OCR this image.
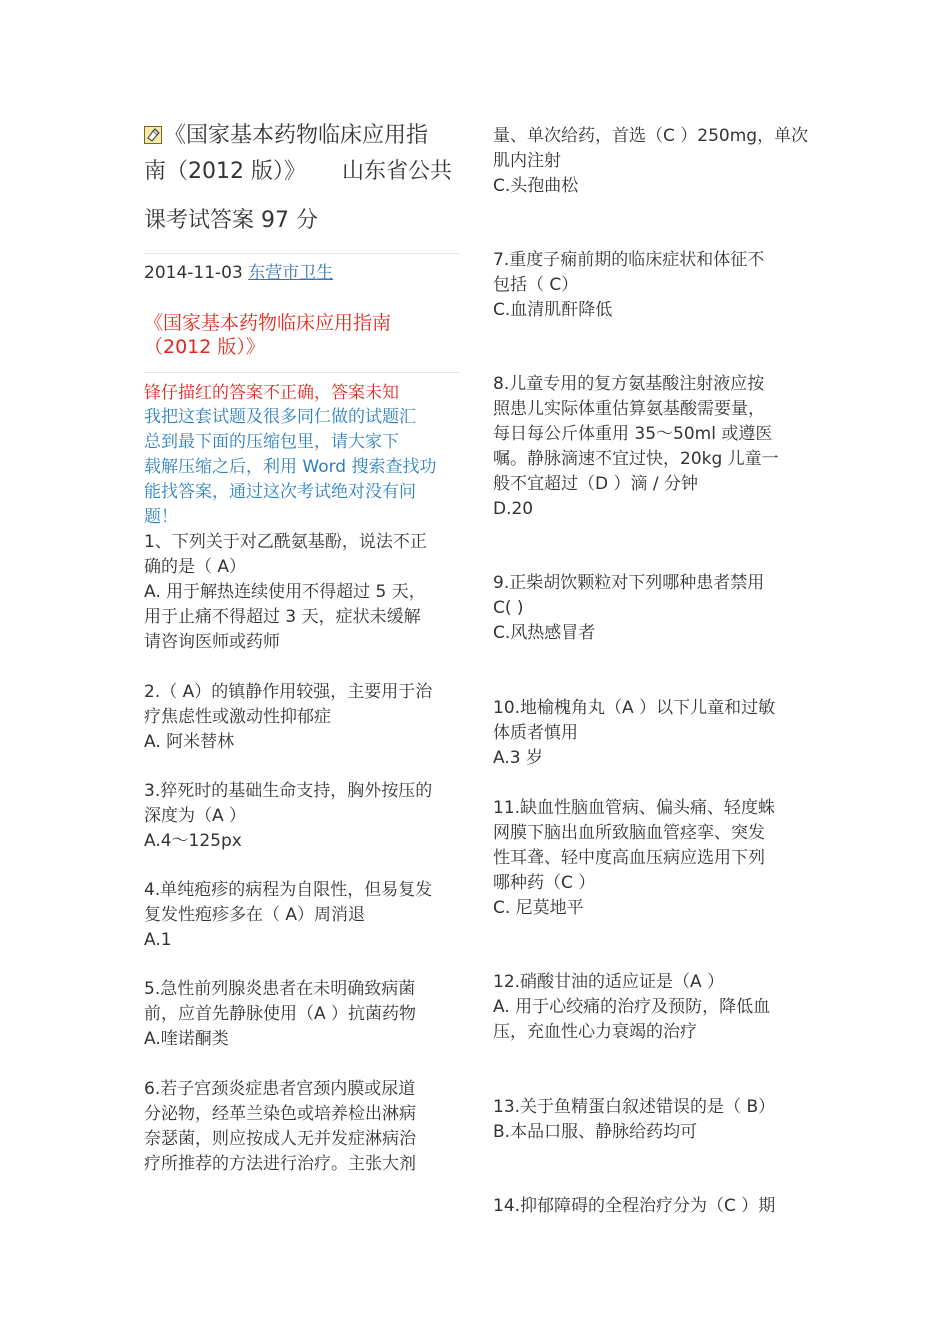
《国家基本药物临床应用指
南（2012 版）》 山东省公共
课考试答案 97 分
2014-11-03 东营市卫生
《国家基本药物临床应用指南
（2012 版）》
锋仔描红的答案不正确，答案未知
我把这套试题及很多同仁做的试题汇
总到最下面的压缩包里，请大家下
载解压缩之后，利用 Word 搜索查找功
能找答案，通过这次考试绝对没有问
题！
1、下列关于对乙酰氨基酚，说法不正
确的是（ A）
A. 用于解热连续使用不得超过 5 天，
用于止痛不得超过 3 天，症状未缓解
请咨询医师或药师
2.（ A）的镇静作用较强，主要用于治
疗焦虑性或激动性抑郁症
A. 阿米替林
3.猝死时的基础生命支持，胸外按压的
深度为（A ）
A.4～125px
4.单纯疱疹的病程为自限性，但易复发
复发性疱疹多在（ A）周消退
A.1
5.急性前列腺炎患者在未明确致病菌
前，应首先静脉使用（A ）抗菌药物
A.喹诺酮类
6.若子宫颈炎症患者宫颈内膜或尿道
分泌物，经革兰染色或培养检出淋病
奈瑟菌，则应按成人无并发症淋病治
疗所推荐的方法进行治疗。主张大剂
量、单次给药，首选（C ）250mg，单次
肌内注射
C.头孢曲松
7.重度子痫前期的临床症状和体征不
包括（ C）
C.血清肌酐降低
8.儿童专用的复方氨基酸注射液应按
照患儿实际体重估算氨基酸需要量，
每日每公斤体重用 35～50ml 或遵医
嘱。静脉滴速不宜过快，20kg 儿童一
般不宜超过（D ）滴 / 分钟
D.20
9.正柴胡饮颗粒对下列哪种患者禁用
C( )
C.风热感冒者
10.地榆槐角丸（A ）以下儿童和过敏
体质者慎用
A.3 岁
11.缺血性脑血管病、偏头痛、轻度蛛
网膜下脑出血所致脑血管痉挛、突发
性耳聋、轻中度高血压病应选用下列
哪种药（C ）
C. 尼莫地平
12.硝酸甘油的适应证是（A ）
A. 用于心绞痛的治疗及预防，降低血
压，充血性心力衰竭的治疗
13.关于鱼精蛋白叙述错误的是（ B）
B.本品口服、静脉给药均可
14.抑郁障碍的全程治疗分为（C ）期
